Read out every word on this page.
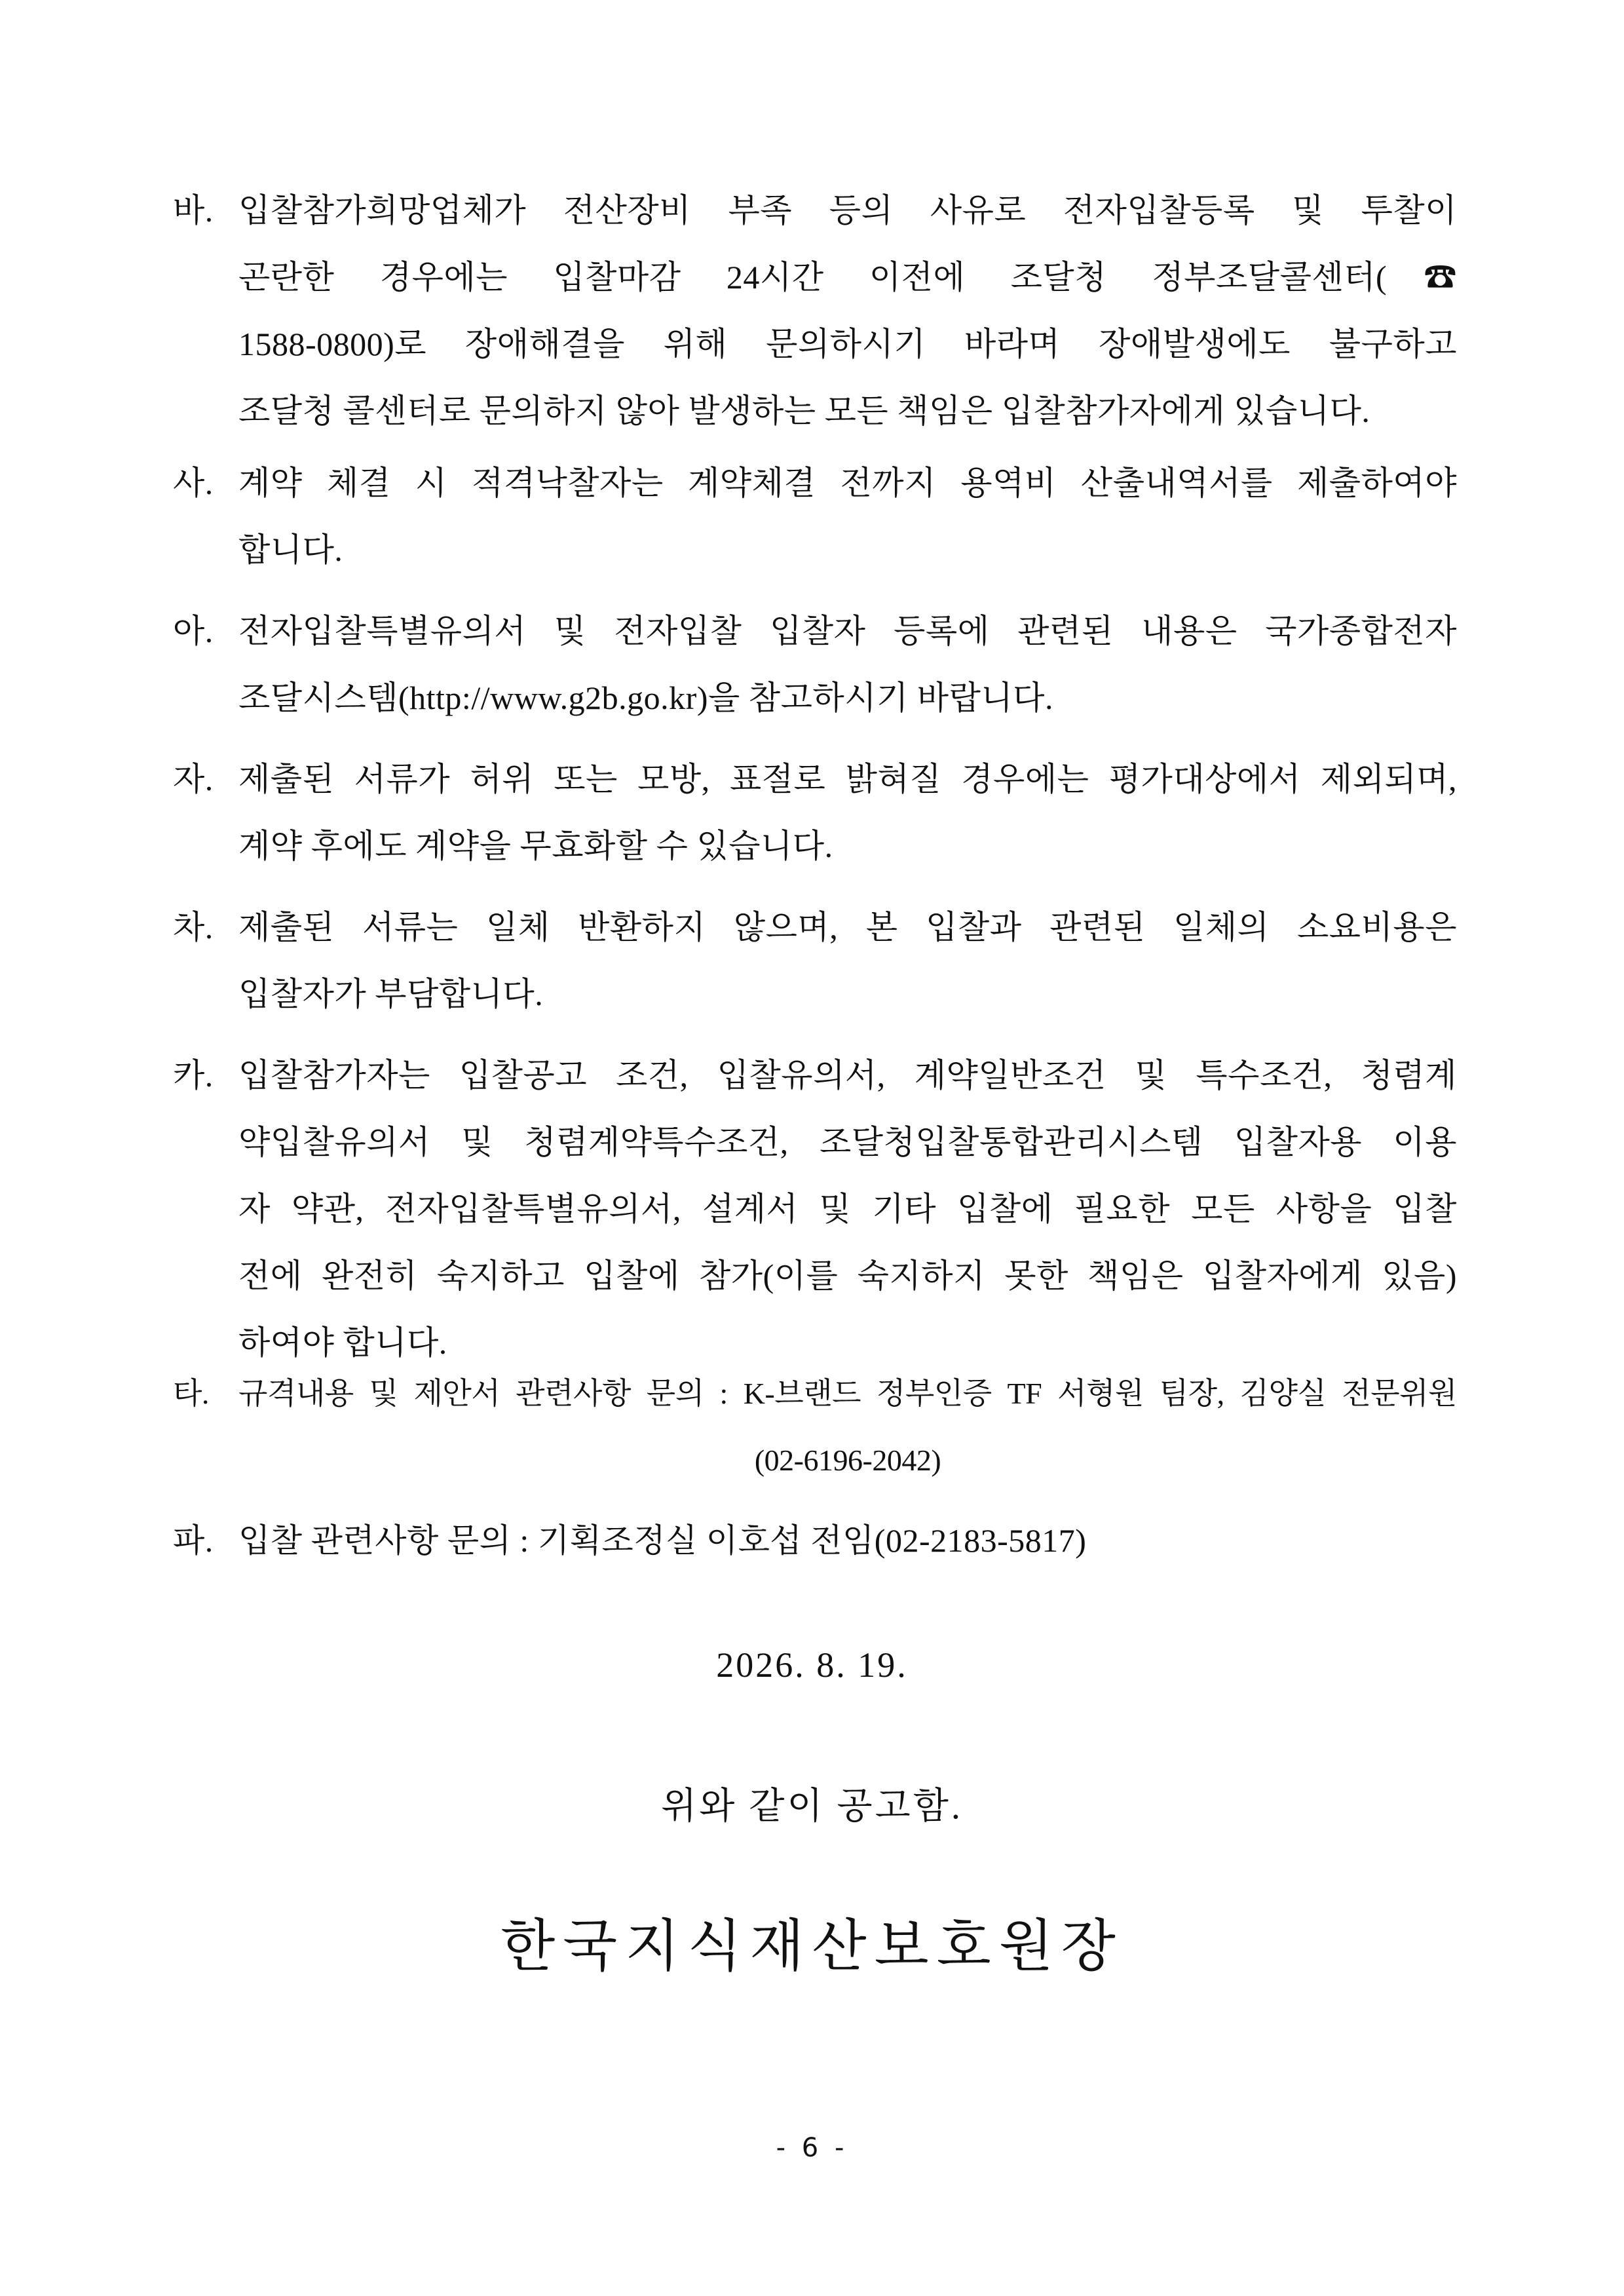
바. 입찰참가희망업체가 전산장비 부족 등의 사유로 전자입찰등록 및 투찰이
곤란한 경우에는 입찰마감 24시간 이전에 조달청 정부조달콜센터(☎
1588-0800)로 장애해결을 위해 문의하시기 바라며 장애발생에도 불구하고
조달청 콜센터로 문의하지 않아 발생하는 모든 책임은 입찰참가자에게 있습니다.
사. 계약 체결 시 적격낙찰자는 계약체결 전까지 용역비 산출내역서를 제출하여야
합니다.
아. 전자입찰특별유의서 및 전자입찰 입찰자 등록에 관련된 내용은 국가종합전자
조달시스템(http://www.g2b.go.kr)을 참고하시기 바랍니다.
자. 제출된 서류가 허위 또는 모방, 표절로 밝혀질 경우에는 평가대상에서 제외되며,
계약 후에도 계약을 무효화할 수 있습니다.
차. 제출된 서류는 일체 반환하지 않으며, 본 입찰과 관련된 일체의 소요비용은
입찰자가 부담합니다.
카. 입찰참가자는 입찰공고 조건, 입찰유의서, 계약일반조건 및 특수조건, 청렴계
약입찰유의서 및 청렴계약특수조건, 조달청입찰통합관리시스템 입찰자용 이용
자 약관, 전자입찰특별유의서, 설계서 및 기타 입찰에 필요한 모든 사항을 입찰
전에 완전히 숙지하고 입찰에 참가(이를 숙지하지 못한 책임은 입찰자에게 있음)
하여야 합니다.
타. 규격내용 및 제안서 관련사항 문의 : K-브랜드 정부인증 TF 서형원 팀장, 김양실 전문위원
(02-6196-2042)
파. 입찰 관련사항 문의 : 기획조정실 이호섭 전임(02-2183-5817)
2026. 8. 19.
위와 같이 공고함.
한국지식재산보호원장
- 6 -
